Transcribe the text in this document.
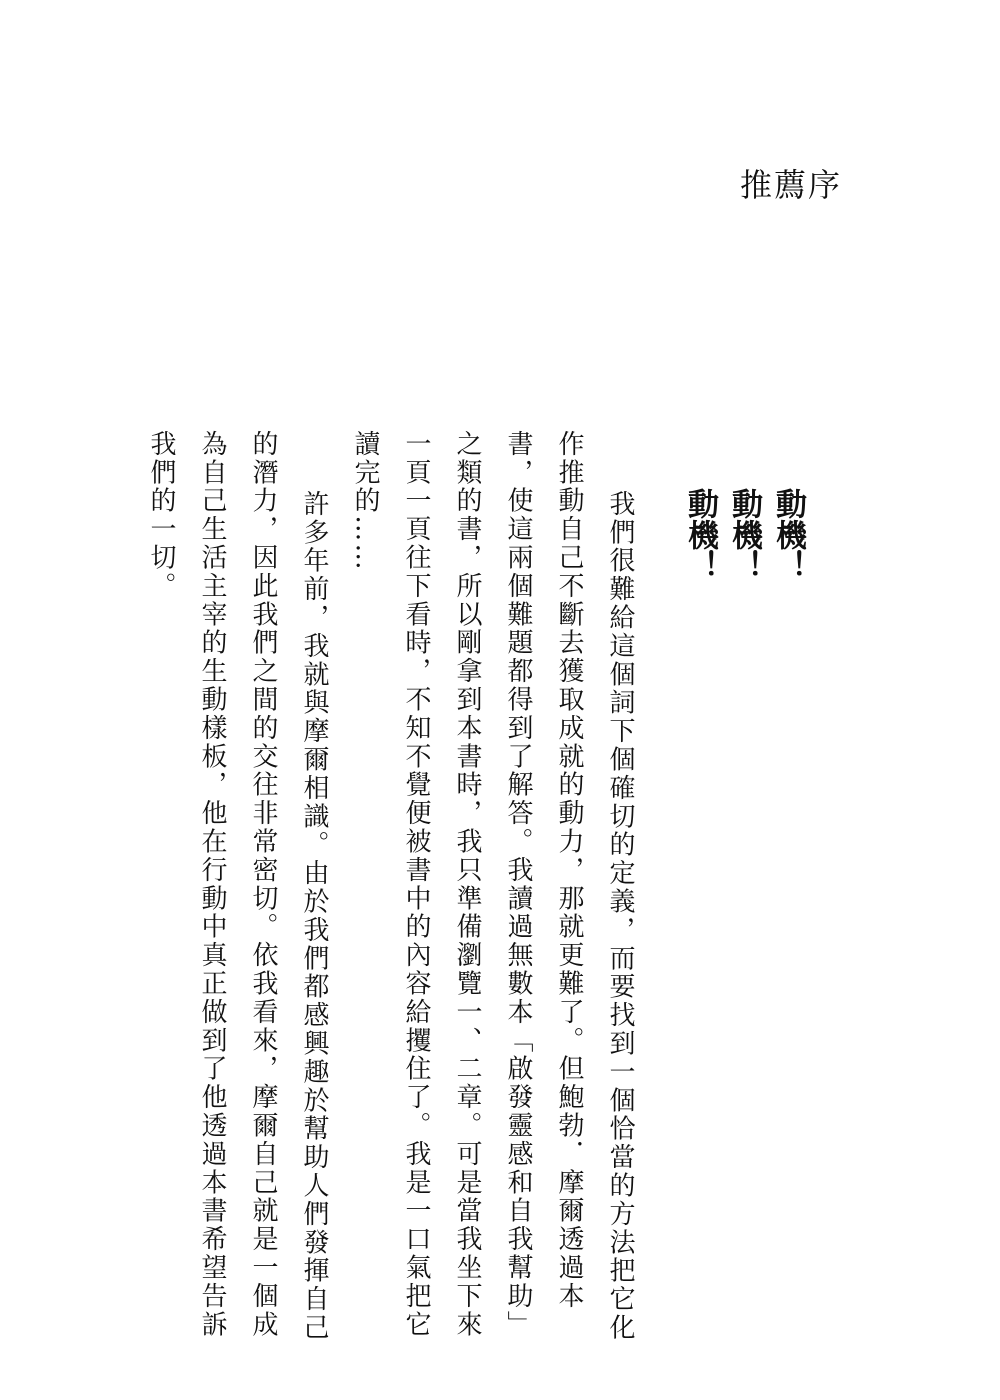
推薦序
動機！
動機！
動機！
我們很難給這個詞下個確切的定義，而要找到一個恰當的方法把它化
作推動自己不斷去獲取成就的動力，那就更難了。但鮑勃．摩爾透過本
書，使這兩個難題都得到了解答。我讀過無數本「啟發靈感和自我幫助」
之類的書，所以剛拿到本書時，我只準備瀏覽一、二章。可是當我坐下來
一頁一頁往下看時，不知不覺便被書中的內容給攫住了。我是一口氣把它
讀完的……
許多年前，我就與摩爾相識。由於我們都感興趣於幫助人們發揮自己
的潛力，因此我們之間的交往非常密切。依我看來，摩爾自己就是一個成
為自己生活主宰的生動樣板，他在行動中真正做到了他透過本書希望告訴
我們的一切。
